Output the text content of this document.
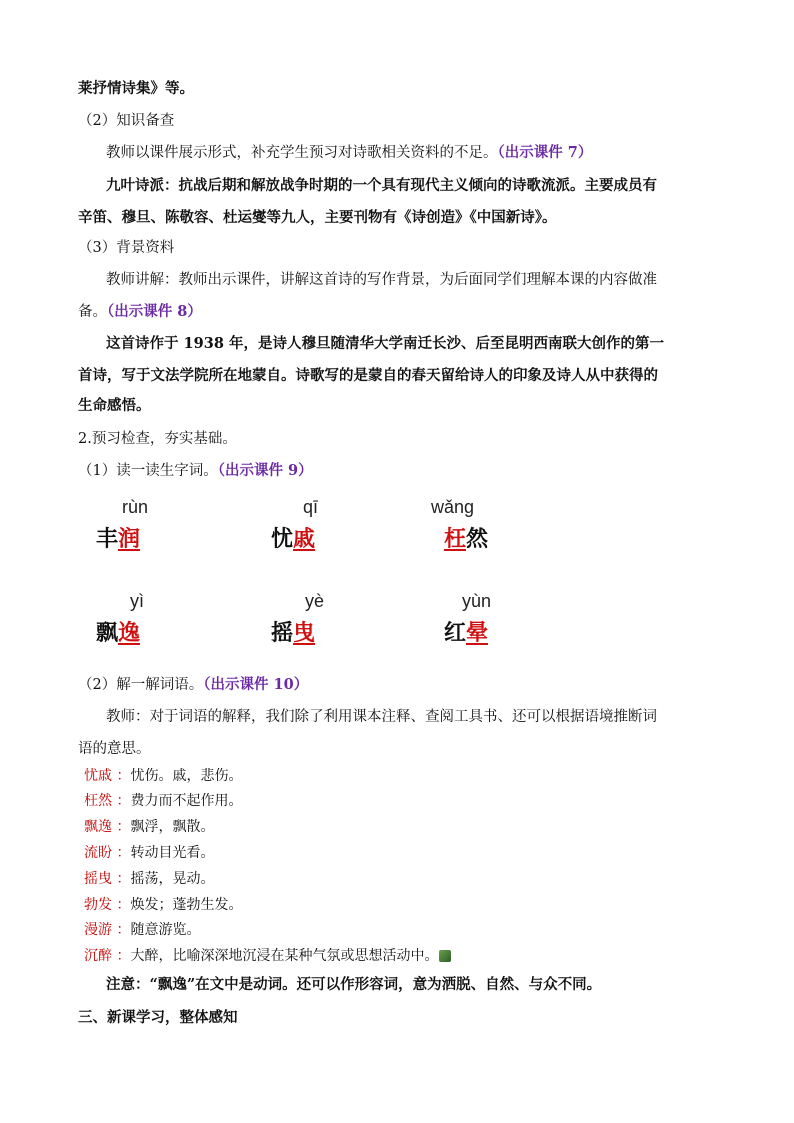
莱抒情诗集》等。
（2）知识备查
教师以课件展示形式，补充学生预习对诗歌相关资料的不足。（出示课件 7）
九叶诗派：抗战后期和解放战争时期的一个具有现代主义倾向的诗歌流派。主要成员有
辛笛、穆旦、陈敬容、杜运燮等九人，主要刊物有《诗创造》《中国新诗》。
（3）背景资料
教师讲解：教师出示课件，讲解这首诗的写作背景，为后面同学们理解本课的内容做准
备。（出示课件 8）
这首诗作于 1938 年，是诗人穆旦随清华大学南迁长沙、后至昆明西南联大创作的第一
首诗，写于文法学院所在地蒙自。诗歌写的是蒙自的春天留给诗人的印象及诗人从中获得的
生命感悟。
2.预习检查，夯实基础。
（1）读一读生字词。（出示课件 9）
rùn
丰润
qī
忧戚
wǎng
枉然
yì
飘逸
yè
摇曳
yùn
红晕
（2）解一解词语。（出示课件 10）
教师：对于词语的解释，我们除了利用课本注释、查阅工具书、还可以根据语境推断词
语的意思。
忧戚 ：忧伤。戚，悲伤。
枉然 ：费力而不起作用。
飘逸 ：飘浮，飘散。
流盼 ：转动目光看。
摇曳 ：摇荡，晃动。
勃发 ：焕发；蓬勃生发。
漫游 ：随意游览。
沉醉 ：大醉，比喻深深地沉浸在某种气氛或思想活动中。
注意：“飘逸”在文中是动词。还可以作形容词，意为洒脱、自然、与众不同。
三、新课学习，整体感知
